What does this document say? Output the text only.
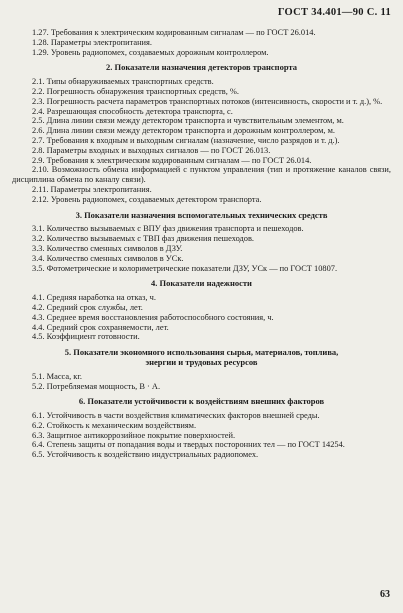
ГОСТ 34.401—90 С. 11

1.27. Требования к электрическим кодированным сигналам — по ГОСТ 26.014.

1.28. Параметры электропитания.

1.29. Уровень радиопомех, создаваемых дорожным контроллером.

2. Показатели назначения детекторов транспорта

2.1. Типы обнаруживаемых транспортных средств.

2.2. Погрешность обнаружения транспортных средств, %.

2.3. Погрешность расчета параметров транспортных потоков (интенсивность, скорости и т. д.), %.

2.4. Разрешающая способность детектора транспорта, с.

2.5. Длина линии связи между детектором транспорта и чувствительным элементом, м.

2.6. Длина линии связи между детектором транспорта и дорожным контроллером, м.

2.7. Требования к входным и выходным сигналам (назначение, число разрядов и т. д.).

2.8. Параметры входных и выходных сигналов — по ГОСТ 26.013.

2.9. Требования к электрическим кодированным сигналам — по ГОСТ 26.014.

2.10. Возможность обмена информацией с пунктом управления (тип и протяжение каналов связи, дисциплина обмена по каналу связи).

2.11. Параметры электропитания.

2.12. Уровень радиопомех, создаваемых детектором транспорта.

3. Показатели назначения вспомогательных технических средств

3.1. Количество вызываемых с ВПУ фаз движения транспорта и пешеходов.

3.2. Количество вызываемых с ТВП фаз движения пешеходов.

3.3. Количество сменных символов в ДЗУ.

3.4. Количество сменных символов в УСк.

3.5. Фотометрические и колориметрические показатели ДЗУ, УСк — по ГОСТ 10807.

4. Показатели надежности

4.1. Средняя наработка на отказ, ч.

4.2. Средний срок службы, лет.

4.3. Среднее время восстановления работоспособного состояния, ч.

4.4. Средний срок сохраняемости, лет.

4.5. Коэффициент готовности.

5. Показатели экономного использования сырья, материалов, топлива,
энергии и трудовых ресурсов

5.1. Масса, кг.

5.2. Потребляемая мощность, В · А.

6. Показатели устойчивости к воздействиям внешних факторов

6.1. Устойчивость в части воздействия климатических факторов внешней среды.

6.2. Стойкость к механическим воздействиям.

6.3. Защитное антикоррозийное покрытие поверхностей.

6.4. Степень защиты от попадания воды и твердых посторонних тел — по ГОСТ 14254.

6.5. Устойчивость к воздействию индустриальных радиопомех.

63
